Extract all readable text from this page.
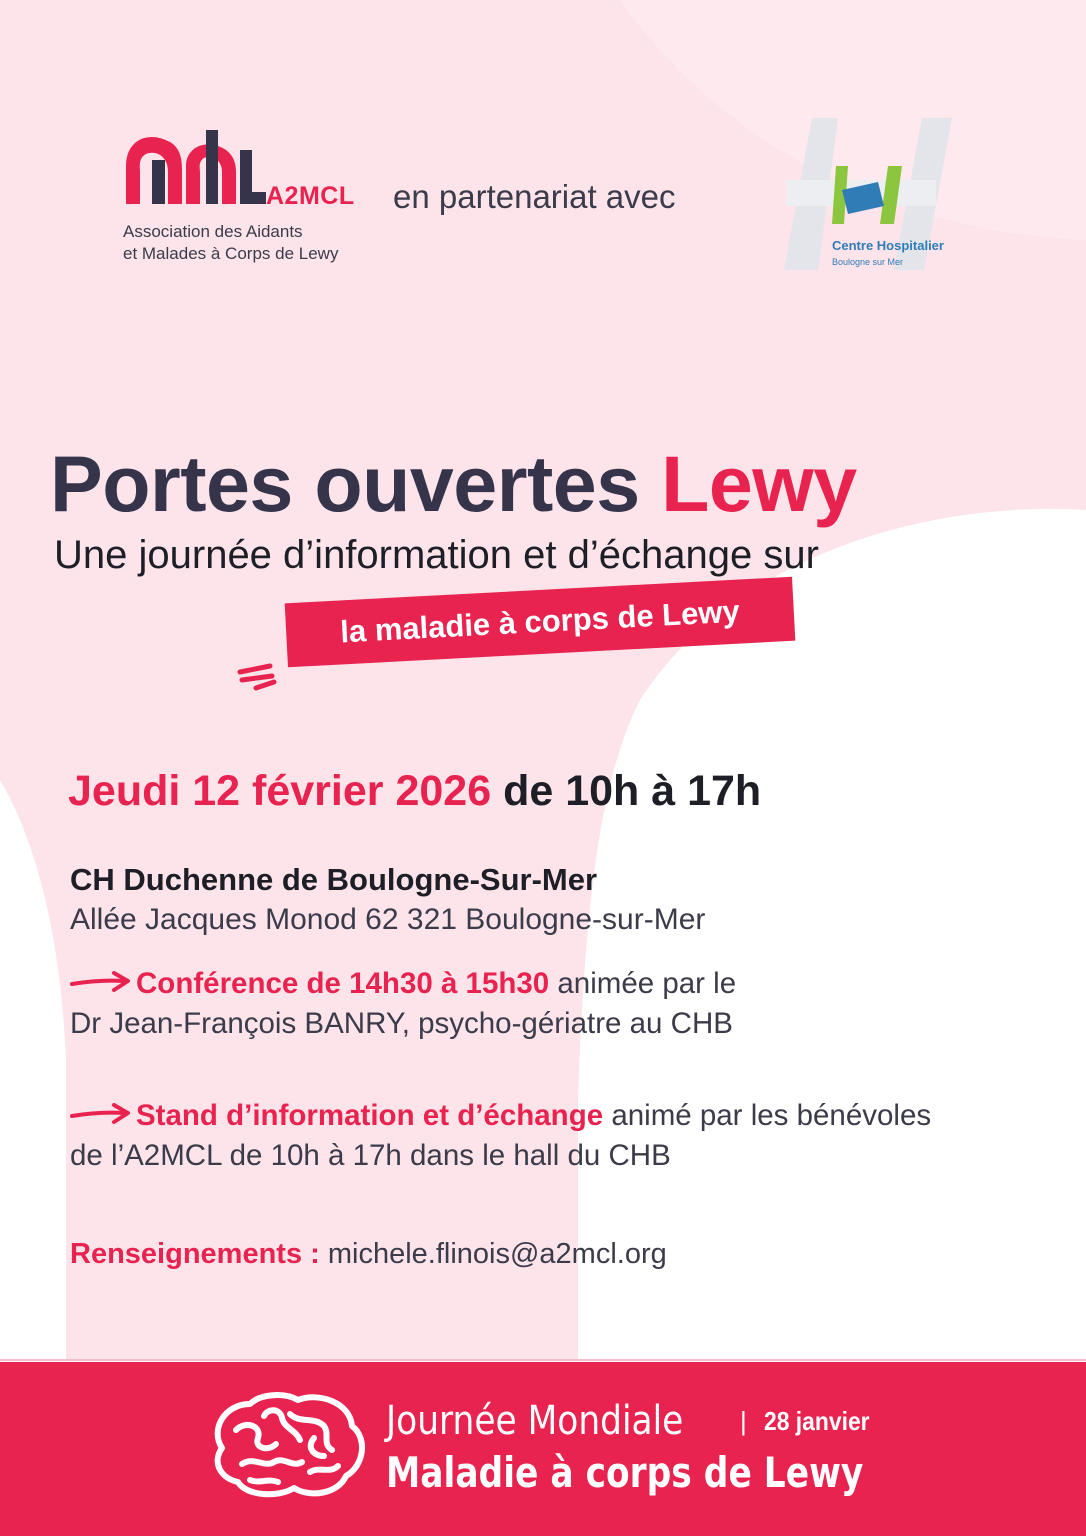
A2MCL
Association des Aidants
et Malades à Corps de Lewy
en partenariat avec
Centre Hospitalier
Boulogne sur Mer
Portes ouvertes Lewy
Une journée d’information et d’échange sur
la maladie à corps de Lewy
Jeudi 12 février 2026 de 10h à 17h
CH Duchenne de Boulogne-Sur-Mer
Allée Jacques Monod 62 321 Boulogne-sur-Mer
Conférence de 14h30 à 15h30 animée par le
Dr Jean-François BANRY, psycho-gériatre au CHB
Stand d’information et d’échange animé par les bénévoles
de l’A2MCL de 10h à 17h dans le hall du CHB
Renseignements : michele.flinois@a2mcl.org
Journée Mondiale | 28 janvier
Maladie à corps de Lewy
